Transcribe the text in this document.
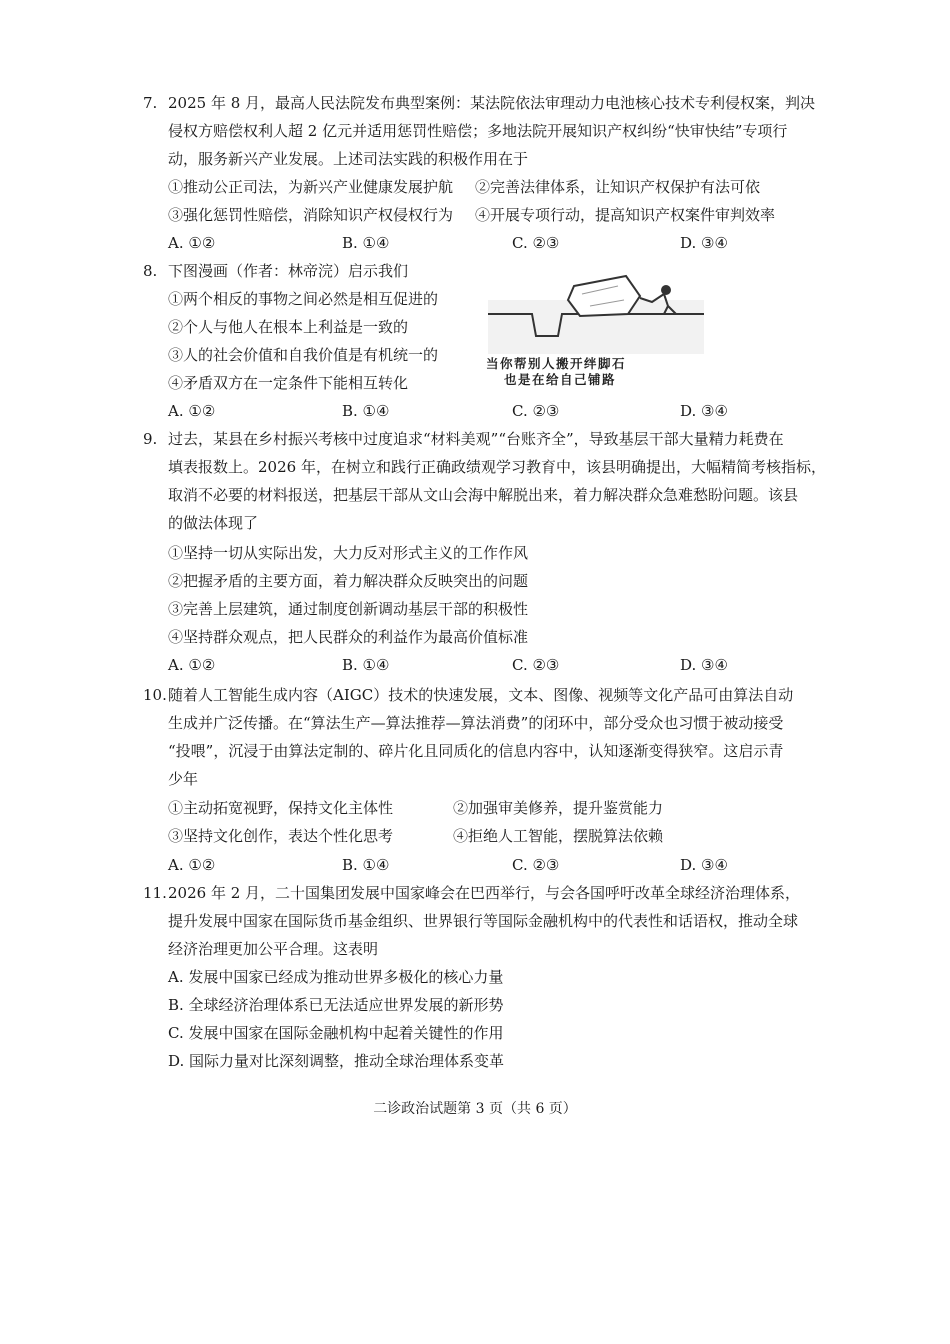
7. 2025 年 8 月，最高人民法院发布典型案例：某法院依法审理动力电池核心技术专利侵权案，判决
侵权方赔偿权利人超 2 亿元并适用惩罚性赔偿；多地法院开展知识产权纠纷“快审快结”专项行
动，服务新兴产业发展。上述司法实践的积极作用在于
①推动公正司法，为新兴产业健康发展护航 ②完善法律体系，让知识产权保护有法可依
③强化惩罚性赔偿，消除知识产权侵权行为 ④开展专项行动，提高知识产权案件审判效率
A. ①②	B. ①④	C. ②③	D. ③④
8. 下图漫画（作者：林帝浣）启示我们
①两个相反的事物之间必然是相互促进的
②个人与他人在根本上利益是一致的
③人的社会价值和自我价值是有机统一的
④矛盾双方在一定条件下能相互转化
当你帮别人搬开绊脚石
也是在给自己铺路
A. ①②	B. ①④	C. ②③	D. ③④
9. 过去，某县在乡村振兴考核中过度追求“材料美观”“台账齐全”，导致基层干部大量精力耗费在
填表报数上。2026 年，在树立和践行正确政绩观学习教育中，该县明确提出，大幅精简考核指标，
取消不必要的材料报送，把基层干部从文山会海中解脱出来，着力解决群众急难愁盼问题。该县
的做法体现了
①坚持一切从实际出发，大力反对形式主义的工作作风
②把握矛盾的主要方面，着力解决群众反映突出的问题
③完善上层建筑，通过制度创新调动基层干部的积极性
④坚持群众观点，把人民群众的利益作为最高价值标准
A. ①②	B. ①④	C. ②③	D. ③④
10. 随着人工智能生成内容（AIGC）技术的快速发展，文本、图像、视频等文化产品可由算法自动
生成并广泛传播。在“算法生产—算法推荐—算法消费”的闭环中，部分受众也习惯于被动接受
“投喂”，沉浸于由算法定制的、碎片化且同质化的信息内容中，认知逐渐变得狭窄。这启示青
少年
①主动拓宽视野，保持文化主体性	②加强审美修养，提升鉴赏能力
③坚持文化创作，表达个性化思考	④拒绝人工智能，摆脱算法依赖
A. ①②	B. ①④	C. ②③	D. ③④
11. 2026 年 2 月，二十国集团发展中国家峰会在巴西举行，与会各国呼吁改革全球经济治理体系，
提升发展中国家在国际货币基金组织、世界银行等国际金融机构中的代表性和话语权，推动全球
经济治理更加公平合理。这表明
A. 发展中国家已经成为推动世界多极化的核心力量
B. 全球经济治理体系已无法适应世界发展的新形势
C. 发展中国家在国际金融机构中起着关键性的作用
D. 国际力量对比深刻调整，推动全球治理体系变革
二诊政治试题第 3 页（共 6 页）
